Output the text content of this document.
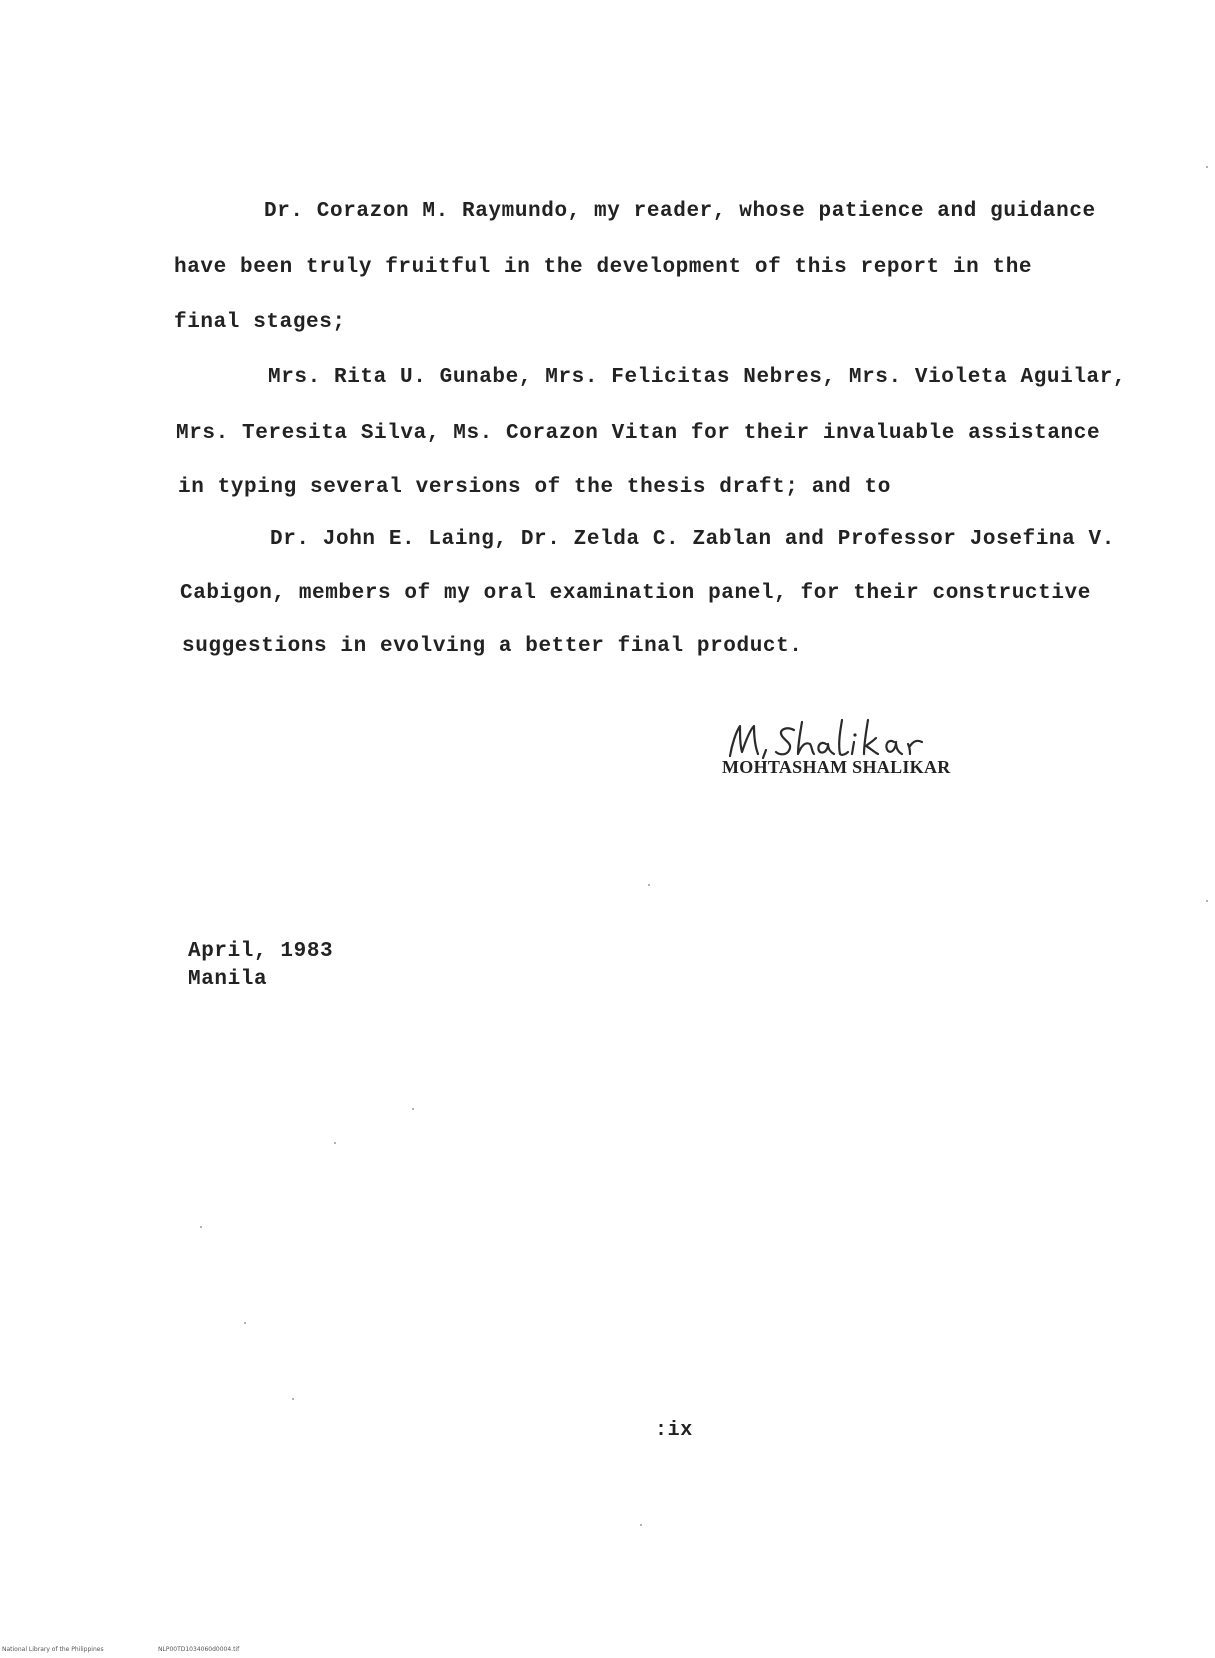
Dr. Corazon M. Raymundo, my reader, whose patience and guidance
have been truly fruitful in the development of this report in the
final stages;
Mrs. Rita U. Gunabe, Mrs. Felicitas Nebres, Mrs. Violeta Aguilar,
Mrs. Teresita Silva, Ms. Corazon Vitan for their invaluable assistance
in typing several versions of the thesis draft; and to
Dr. John E. Laing, Dr. Zelda C. Zablan and Professor Josefina V.
Cabigon, members of my oral examination panel, for their constructive
suggestions in evolving a better final product.
MOHTASHAM SHALIKAR
April, 1983
Manila
:ix
National Library of the Philippines	NLP00TD1034060d0004.tif
